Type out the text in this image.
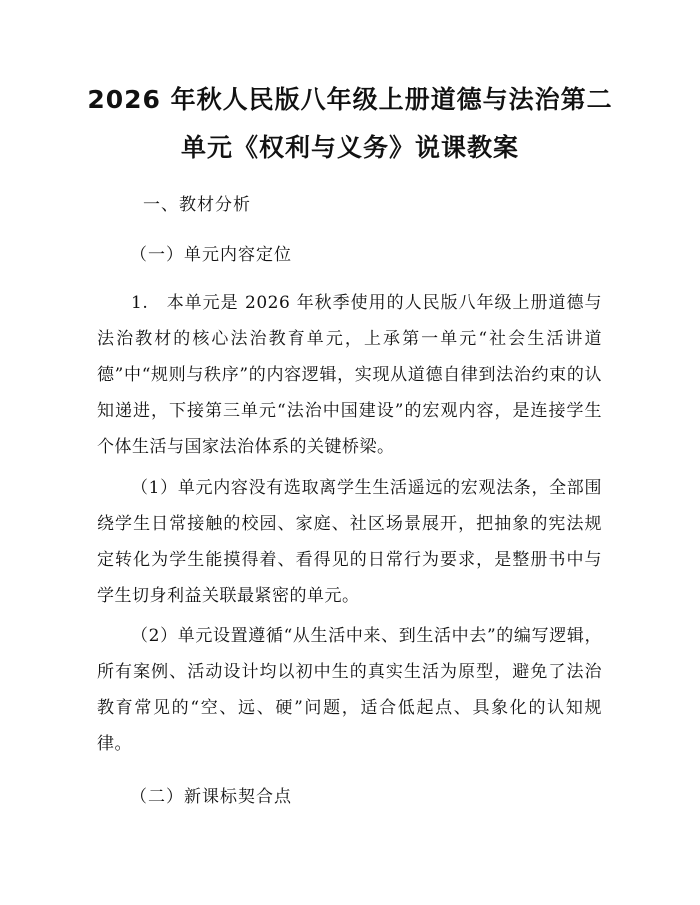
2026 年秋人民版八年级上册道德与法治第二
单元《权利与义务》说课教案
一、教材分析
（一）单元内容定位
1.　本单元是 2026 年秋季使用的人民版八年级上册道德与法治教材的核心法治教育单元，上承第一单元“社会生活讲道德”中“规则与秩序”的内容逻辑，实现从道德自律到法治约束的认知递进，下接第三单元“法治中国建设”的宏观内容，是连接学生个体生活与国家法治体系的关键桥梁。
（1）单元内容没有选取离学生生活遥远的宏观法条，全部围绕学生日常接触的校园、家庭、社区场景展开，把抽象的宪法规定转化为学生能摸得着、看得见的日常行为要求，是整册书中与学生切身利益关联最紧密的单元。
（2）单元设置遵循“从生活中来、到生活中去”的编写逻辑，所有案例、活动设计均以初中生的真实生活为原型，避免了法治教育常见的“空、远、硬”问题，适合低起点、具象化的认知规律。
（二）新课标契合点
